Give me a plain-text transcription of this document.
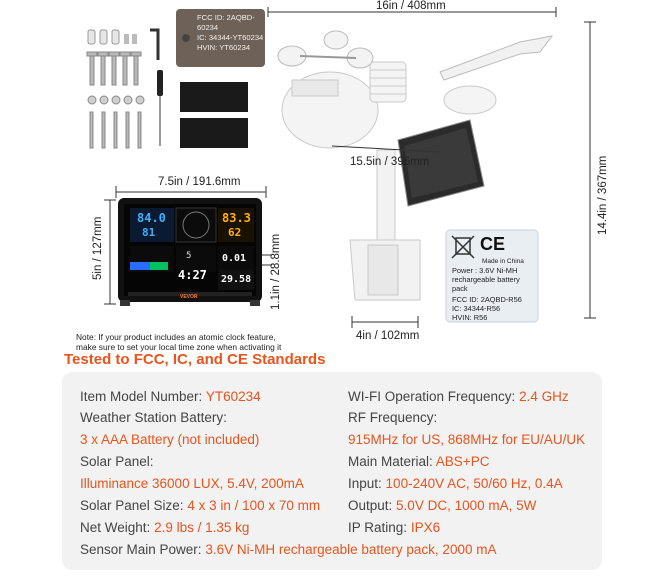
FCC ID: 2AQBD-60234
IC: 34344-YT60234
HVIN: YT60234
16in / 408mm
14.4in / 367mm
15.5in / 396mm
4in / 102mm
7.5in / 191.6mm
5in / 127mm	1.1in / 28.8mm
84.0
81
83.3
62
5	0.01
4:27 29.58
VEVOR
CE
Made in China
Power : 3.6V Ni-MH rechargeable battery pack
FCC ID: 2AQBD-R56
IC: 34344-R56
HVIN: R56
Note: If your product includes an atomic clock feature,
make sure to set your local time zone when activating it
Tested to FCC, IC, and CE Standards
Item Model Number: YT60234
Weather Station Battery:
3 x AAA Battery (not included)
Solar Panel:
Illuminance 36000 LUX, 5.4V, 200mA
Solar Panel Size: 4 x 3 in / 100 x 70 mm
Net Weight: 2.9 lbs / 1.35 kg
Sensor Main Power: 3.6V Ni-MH rechargeable battery pack, 2000 mA
WI-FI Operation Frequency: 2.4 GHz
RF Frequency:
915MHz for US, 868MHz for EU/AU/UK
Main Material: ABS+PC
Input: 100-240V AC, 50/60 Hz, 0.4A
Output: 5.0V DC, 1000 mA, 5W
IP Rating: IPX6
